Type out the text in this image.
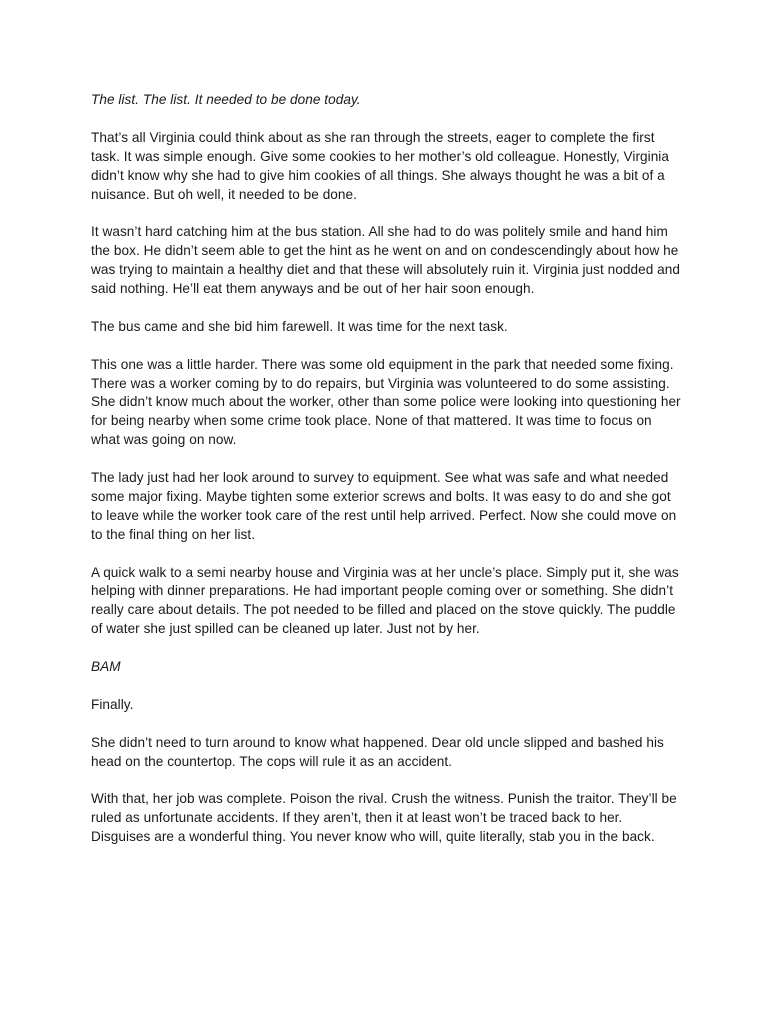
The list. The list. It needed to be done today.

That’s all Virginia could think about as she ran through the streets, eager to complete the first task. It was simple enough. Give some cookies to her mother’s old colleague. Honestly, Virginia didn’t know why she had to give him cookies of all things. She always thought he was a bit of a nuisance. But oh well, it needed to be done.

It wasn’t hard catching him at the bus station. All she had to do was politely smile and hand him the box. He didn’t seem able to get the hint as he went on and on condescendingly about how he was trying to maintain a healthy diet and that these will absolutely ruin it. Virginia just nodded and said nothing. He’ll eat them anyways and be out of her hair soon enough.

The bus came and she bid him farewell. It was time for the next task.

This one was a little harder. There was some old equipment in the park that needed some fixing. There was a worker coming by to do repairs, but Virginia was volunteered to do some assisting. She didn’t know much about the worker, other than some police were looking into questioning her for being nearby when some crime took place. None of that mattered. It was time to focus on what was going on now.

The lady just had her look around to survey to equipment. See what was safe and what needed some major fixing. Maybe tighten some exterior screws and bolts. It was easy to do and she got to leave while the worker took care of the rest until help arrived. Perfect. Now she could move on to the final thing on her list.

A quick walk to a semi nearby house and Virginia was at her uncle’s place. Simply put it, she was helping with dinner preparations. He had important people coming over or something. She didn’t really care about details. The pot needed to be filled and placed on the stove quickly. The puddle of water she just spilled can be cleaned up later. Just not by her.

BAM

Finally.

She didn’t need to turn around to know what happened. Dear old uncle slipped and bashed his head on the countertop. The cops will rule it as an accident.

With that, her job was complete. Poison the rival. Crush the witness. Punish the traitor. They’ll be ruled as unfortunate accidents. If they aren’t, then it at least won’t be traced back to her. Disguises are a wonderful thing. You never know who will, quite literally, stab you in the back.
